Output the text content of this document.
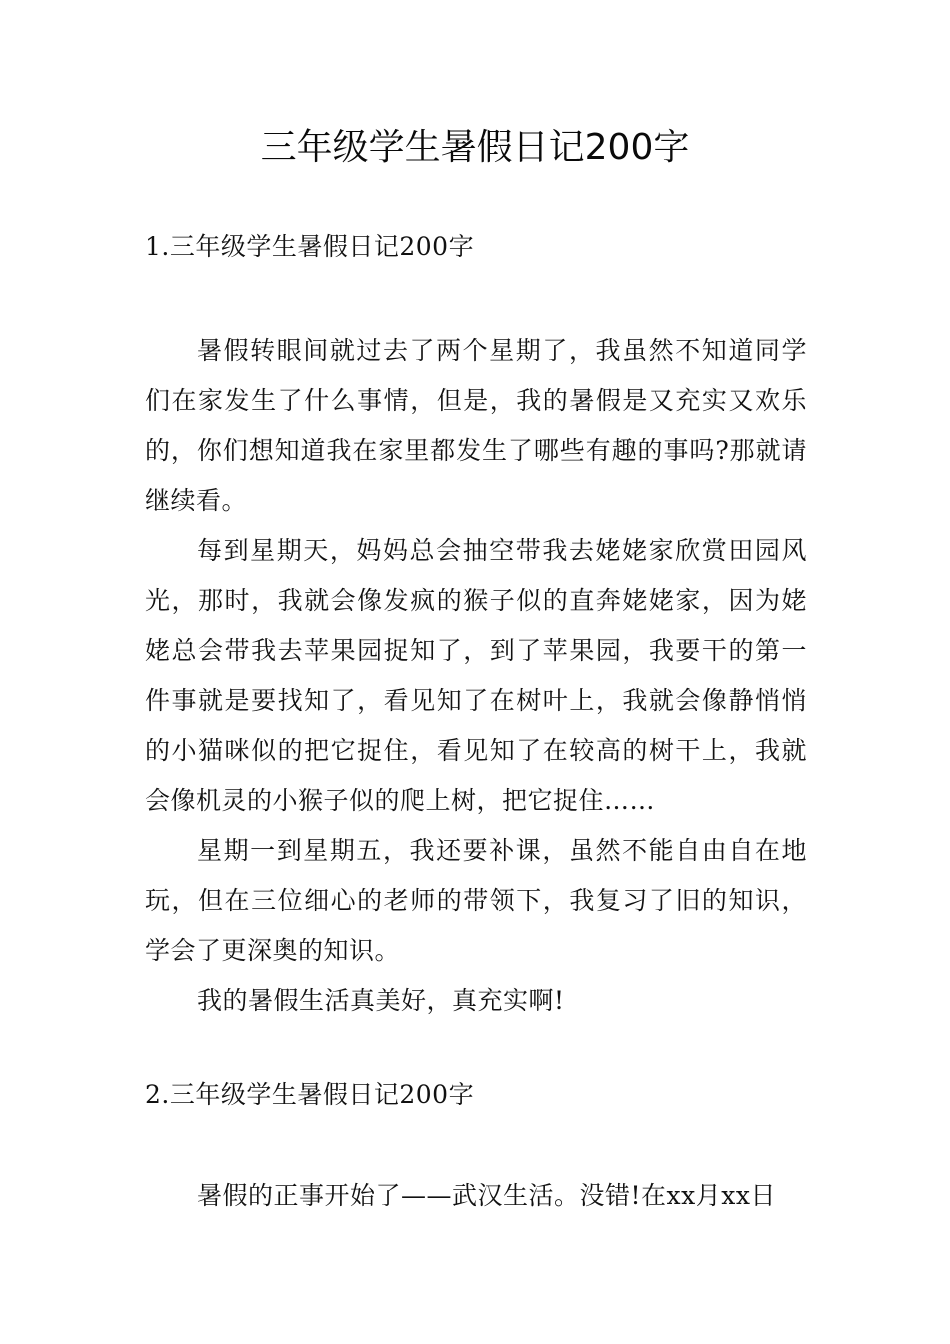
三年级学生暑假日记200字
1.三年级学生暑假日记200字
暑假转眼间就过去了两个星期了，我虽然不知道同学们在家发生了什么事情，但是，我的暑假是又充实又欢乐的，你们想知道我在家里都发生了哪些有趣的事吗?那就请继续看。
每到星期天，妈妈总会抽空带我去姥姥家欣赏田园风光，那时，我就会像发疯的猴子似的直奔姥姥家，因为姥姥总会带我去苹果园捉知了，到了苹果园，我要干的第一件事就是要找知了，看见知了在树叶上，我就会像静悄悄的小猫咪似的把它捉住，看见知了在较高的树干上，我就会像机灵的小猴子似的爬上树，把它捉住……
星期一到星期五，我还要补课，虽然不能自由自在地玩，但在三位细心的老师的带领下，我复习了旧的知识，学会了更深奥的知识。
我的暑假生活真美好，真充实啊!
2.三年级学生暑假日记200字
暑假的正事开始了——武汉生活。没错!在xx月xx日
